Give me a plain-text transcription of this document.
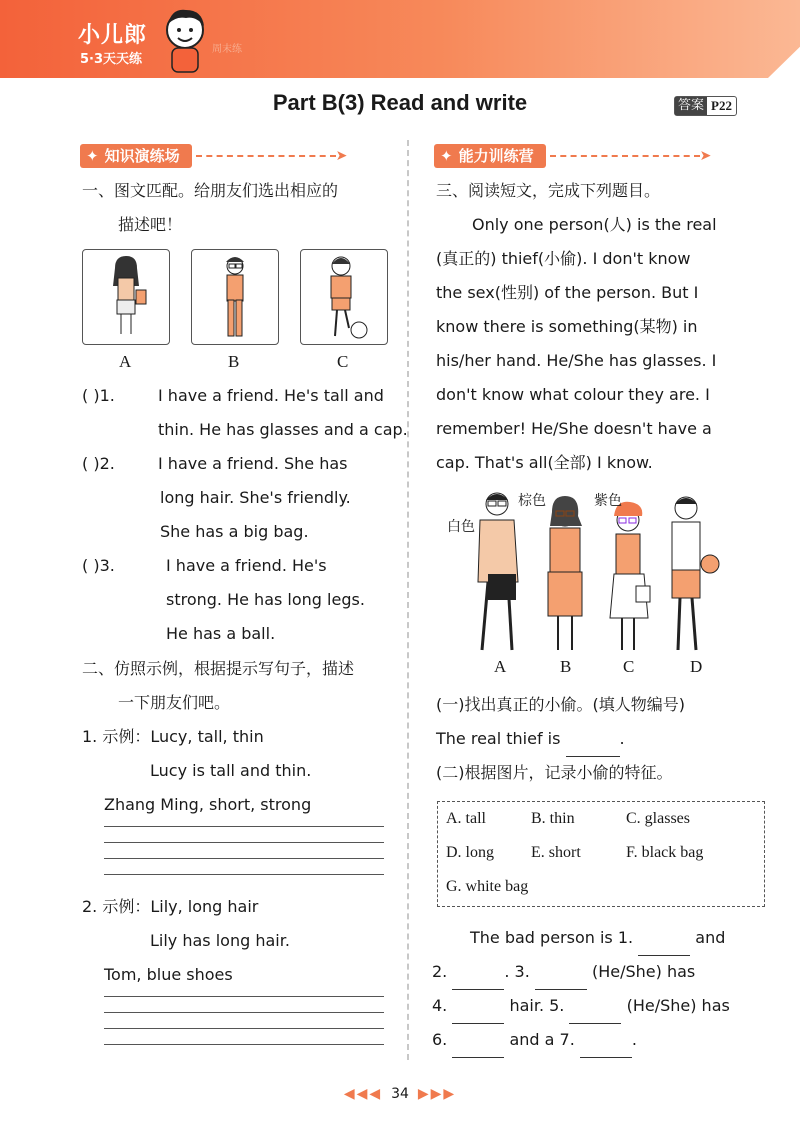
小儿郎
5·3天天练
周末练
Part B(3) Read and write	答案 P22
✦ 知识演练场	➤
一、图文匹配。给朋友们选出相应的
描述吧！
A	B	C
( )1.	I have a friend. He's tall and
thin. He has glasses and a cap.
( )2.	I have a friend. She has
long hair. She's friendly.
She has a big bag.
( )3.	I have a friend. He's
strong. He has long legs.
He has a ball.
二、仿照示例，根据提示写句子，描述
一下朋友们吧。
1. 示例：Lucy, tall, thin
Lucy is tall and thin.
Zhang Ming, short, strong
2. 示例：Lily, long hair
Lily has long hair.
Tom, blue shoes
✦ 能力训练营	➤
三、阅读短文，完成下列题目。
Only one person(人) is the real
(真正的) thief(小偷). I don't know
the sex(性别) of the person. But I
know there is something(某物) in
his/her hand. He/She has glasses. I
don't know what colour they are. I
remember! He/She doesn't have a
cap. That's all(全部) I know.
白色
棕色	紫色
A	B	C	D
(一)找出真正的小偷。(填人物编号)
The real thief is	.
(二)根据图片，记录小偷的特征。
A. tall	B. thin	C. glasses
D. long E. short	F. black bag
G. white bag
The bad person is 1.	and
2.	. 3.	(He/She) has
4.	hair. 5.	(He/She) has
6.	and a 7.	.
◀◀◀ 34 ▶▶▶
